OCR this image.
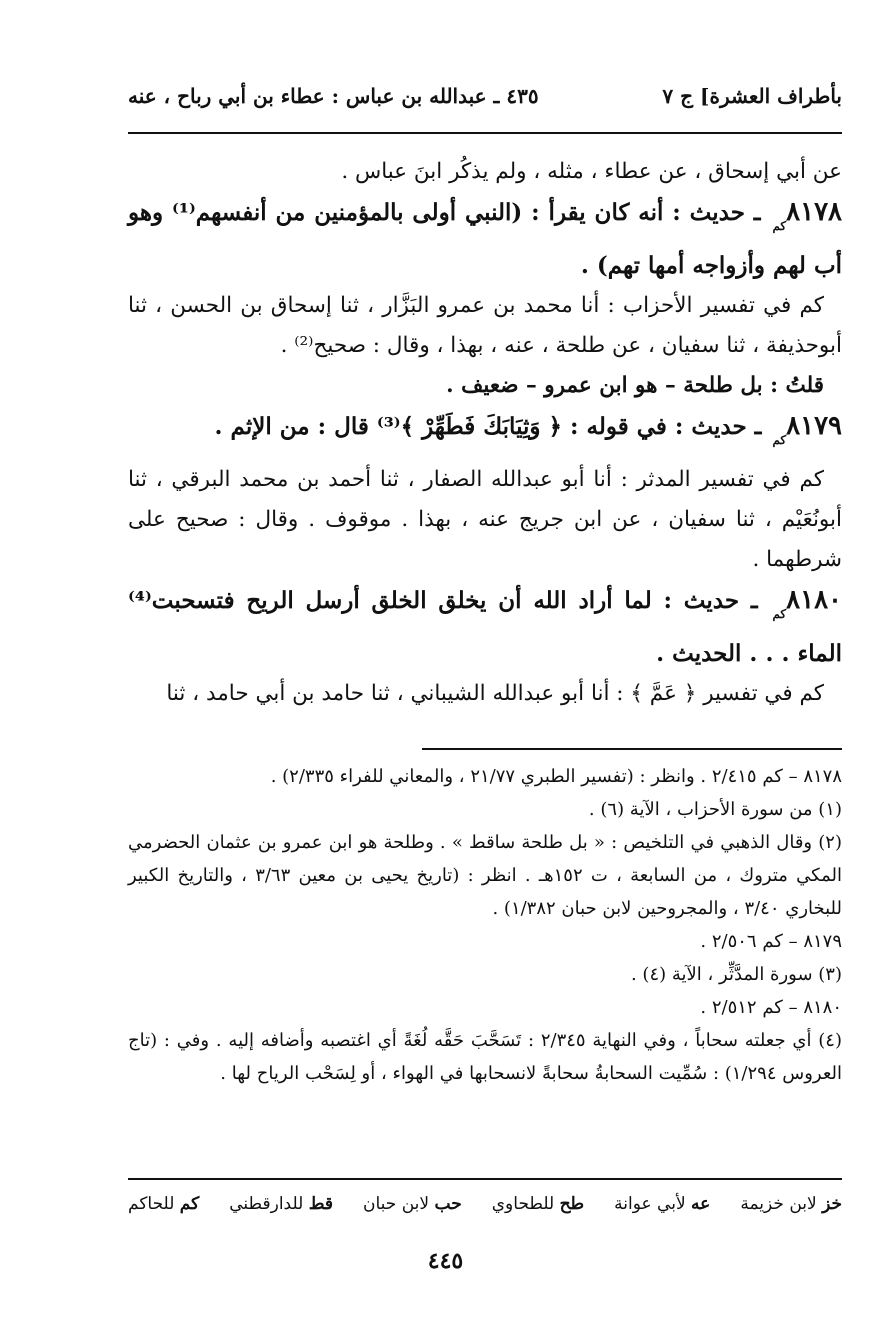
بأطراف العشرة] ج ٧
٤٣٥ ـ عبدالله بن عباس : عطاء بن أبي رباح ، عنه

عن أبي إسحاق ، عن عطاء ، مثله ، ولم يذكُر ابنَ عباس .

$٨١٧٨_{كم}$ ـ حديث : أنه كان يقرأ : (النبي أولى بالمؤمنين من أنفسهم⁽¹⁾ وهو أب لهم وأزواجه أمها تهم) .

كم في تفسير الأحزاب : أنا محمد بن عمرو البَزَّار ، ثنا إسحاق بن الحسن ، ثنا أبوحذيفة ، ثنا سفيان ، عن طلحة ، عنه ، بهذا ، وقال : صحيح⁽²⁾ .

قلتُ : بل طلحة – هو ابن عمرو – ضعيف .

$٨١٧٩_{كم}$ ـ حديث : في قوله : ﴿ وَثِيَابَكَ فَطَهِّرْ ﴾⁽³⁾ قال : من الإثم .

كم في تفسير المدثر : أنا أبو عبدالله الصفار ، ثنا أحمد بن محمد البرقي ، ثنا أبونُعَيْم ، ثنا سفيان ، عن ابن جريج عنه ، بهذا . موقوف . وقال : صحيح على شرطهما .

$٨١٨٠_{كم}$ ـ حديث : لما أراد الله أن يخلق الخلق أرسل الريح فتسحبت⁽⁴⁾ الماء . . . الحديث .

كم في تفسير ﴿ عَمَّ ﴾ : أنا أبو عبدالله الشيباني ، ثنا حامد بن أبي حامد ، ثنا

٨١٧٨ – كم ٢/٤١٥ . وانظر : (تفسير الطبري ٢١/٧٧ ، والمعاني للفراء ٢/٣٣٥) .

(١) من سورة الأحزاب ، الآية (٦) .

(٢) وقال الذهبي في التلخيص : « بل طلحة ساقط » . وطلحة هو ابن عمرو بن عثمان الحضرمي المكي متروك ، من السابعة ، ت ١٥٢هـ . انظر : (تاريخ يحيى بن معين ٣/٦٣ ، والتاريخ الكبير للبخاري ٣/٤٠ ، والمجروحين لابن حبان ١/٣٨٢) .

٨١٧٩ – كم ٢/٥٠٦ .

(٣) سورة المدَّثِّر ، الآية (٤) .

٨١٨٠ – كم ٢/٥١٢ .

(٤) أي جعلته سحاباً ، وفي النهاية ٢/٣٤٥ : تَسَحَّبَ حَقَّه لُغَةً أي اغتصبه وأضافه إليه . وفي : (تاج العروس ١/٢٩٤) : سُمِّيت السحابةُ سحابةً لانسحابها في الهواء ، أو لِسَحْب الرياح لها .

خز لابن خزيمة
عه لأبي عوانة
طح للطحاوي
حب لابن حبان
قط للدارقطني
كم للحاكم
٤٤٥
